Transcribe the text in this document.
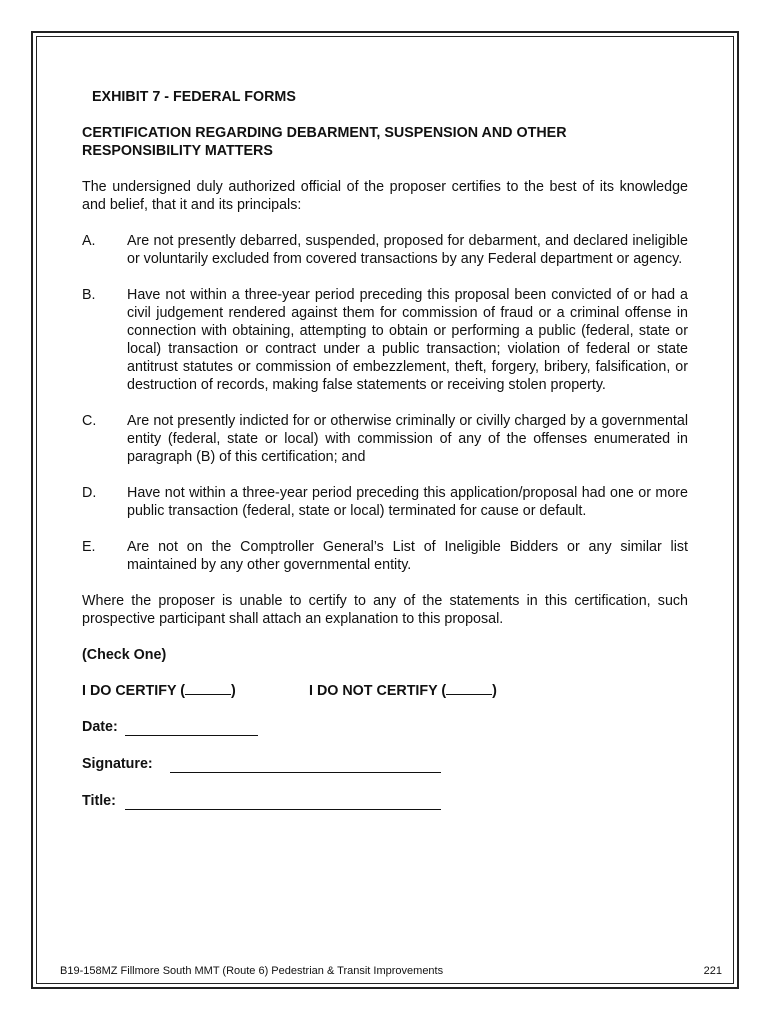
EXHIBIT 7 - FEDERAL FORMS
CERTIFICATION REGARDING DEBARMENT, SUSPENSION AND OTHER RESPONSIBILITY MATTERS
The undersigned duly authorized official of the proposer certifies to the best of its knowledge and belief, that it and its principals:
A.	Are not presently debarred, suspended, proposed for debarment, and declared ineligible or voluntarily excluded from covered transactions by any Federal department or agency.
B.	Have not within a three-year period preceding this proposal been convicted of or had a civil judgement rendered against them for commission of fraud or a criminal offense in connection with obtaining, attempting to obtain or performing a public (federal, state or local) transaction or contract under a public transaction; violation of federal or state antitrust statutes or commission of embezzlement, theft, forgery, bribery, falsification, or destruction of records, making false statements or receiving stolen property.
C.	Are not presently indicted for or otherwise criminally or civilly charged by a governmental entity (federal, state or local) with commission of any of the offenses enumerated in paragraph (B) of this certification; and
D.	Have not within a three-year period preceding this application/proposal had one or more public transaction (federal, state or local) terminated for cause or default.
E.	Are not on the Comptroller General’s List of Ineligible Bidders or any similar list maintained by any other governmental entity.
Where the proposer is unable to certify to any of the statements in this certification, such prospective participant shall attach an explanation to this proposal.
(Check One)
I DO CERTIFY (	)	I DO NOT CERTIFY (	)
Date:
Signature:
Title:
B19-158MZ Fillmore South MMT (Route 6) Pedestrian & Transit Improvements	221
